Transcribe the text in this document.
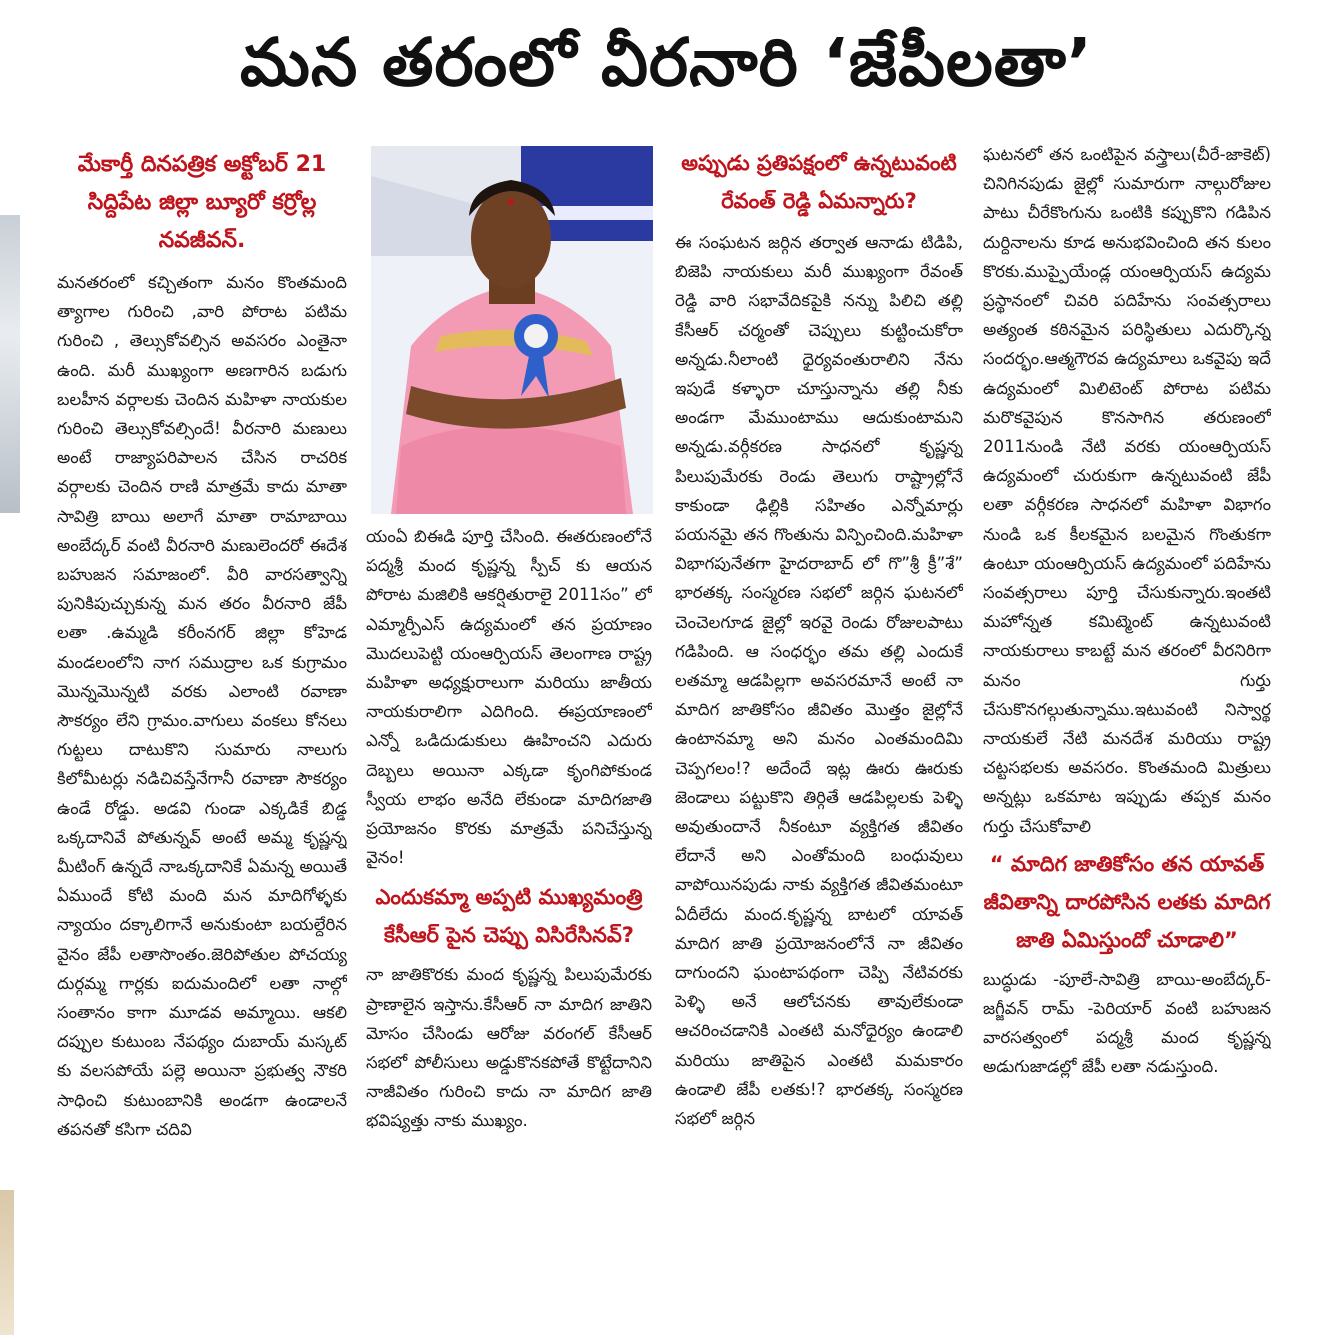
మన తరంలో వీరనారి ‘జేపీలతా’
మేకార్తీ దినపత్రిక అక్టోబర్ 21 సిద్దిపేట జిల్లా బ్యూరో కర్రోల్ల నవజీవన్.

మనతరంలో కచ్చితంగా మనం కొంతమంది త్యాగాల గురించి ,వారి పోరాట పటిమ గురించి , తెల్సుకోవల్సిన అవసరం ఎంతైనా ఉంది. మరీ ముఖ్యంగా అణగారిన బడుగు బలహీన వర్గాలకు చెందిన మహిళా నాయకుల గురించి తెల్సుకోవల్సిందే! వీరనారి మణులు అంటే రాజ్యాపరిపాలన చేసిన రాచరిక వర్గాలకు చెందిన రాణి మాత్రమే కాదు మాతా సావిత్రి బాయి అలాగే మాతా రామాబాయి అంబేద్కర్ వంటి వీరనారి మణులెందరో ఈదేశ బహుజన సమాజంలో. వీరి వారసత్వాన్ని పునికిపుచ్చుకున్న మన తరం వీరనారి జేపీ లతా .ఉమ్మడి కరీంనగర్ జిల్లా కోహెడ మండలంలోని నాగ సముద్రాల ఒక కుగ్రామం మొన్నమొన్నటి వరకు ఎలాంటి రవాణా సౌకర్యం లేని గ్రామం.వాగులు వంకలు కోనలు గుట్టలు దాటుకొని సుమారు నాలుగు కిలోమీటర్లు నడిచివస్తేనేగానీ రవాణా సౌకర్యం ఉండే రోడ్డు. అడవి గుండా ఎక్కడికే బిడ్డ ఒక్కదానివే పోతున్నవ్ అంటే అమ్మ కృష్ణన్న మీటింగ్ ఉన్నదే నాఒక్కదానికే ఏమన్న అయితే ఏముందే కోటి మంది మన మాదిగోళ్ళకు న్యాయం దక్కాలిగానే అనుకుంటా బయల్దేరిన వైనం జేపీ లతాసొంతం.జెరిపోతుల పోచయ్య దుర్గమ్మ గార్లకు ఐదుమందిలో లతా నాల్గో సంతానం కాగా మూడవ అమ్మాయి. ఆకలి దప్పుల కుటుంబ నేపథ్యం దుబాయ్ మస్కట్ కు వలసపోయే పల్లె అయినా ప్రభుత్వ నౌకరి సాధించి కుటుంబానికి అండగా ఉండాలనే తపనతో కసిగా చదివి

యంఏ బిఈడి పూర్తి చేసింది. ఈతరుణంలోనే పద్మశ్రీ మంద కృష్ణన్న స్పీచ్ కు ఆయన పోరాట మజిలికి ఆకర్షితురాలై 2011సం” లో ఎమ్మార్పీఎస్ ఉద్యమంలో తన ప్రయాణం మొదలుపెట్టి యంఆర్పియస్ తెలంగాణ రాష్ట్ర మహిళా అధ్యక్షురాలుగా మరియు జాతీయ నాయకురాలిగా ఎదిగింది. ఈప్రయాణంలో ఎన్నో ఒడిదుడుకులు ఊహించని ఎదురు దెబ్బలు అయినా ఎక్కడా కృంగిపోకుండ స్వీయ లాభం అనేది లేకుండా మాదిగజాతి ప్రయోజనం కొరకు మాత్రమే పనిచేస్తున్న వైనం!

ఎందుకమ్మా అప్పటి ముఖ్యమంత్రి కేసీఆర్ పైన చెప్పు విసిరేసినవ్?

నా జాతికొరకు మంద కృష్ణన్న పిలుపుమేరకు ప్రాణాలైన ఇస్తాను.కేసీఆర్ నా మాదిగ జాతిని మోసం చేసిండు ఆరోజు వరంగల్ కేసీఆర్ సభలో పోలీసులు అడ్డుకొనకపోతే కొట్టేదానిని నాజీవితం గురించి కాదు నా మాదిగ జాతి భవిష్యత్తు నాకు ముఖ్యం.

అప్పుడు ప్రతిపక్షంలో ఉన్నటువంటి రేవంత్ రెడ్డి ఏమన్నారు?

ఈ సంఘటన జర్గిన తర్వాత ఆనాడు టిడిపి, బిజెపి నాయకులు మరీ ముఖ్యంగా రేవంత్ రెడ్డి వారి సభావేదికపైకి నన్ను పిలిచి తల్లి కేసీఆర్ చర్మంతో చెప్పులు కుట్టించుకోరా అన్నడు.నీలాంటి ధైర్యవంతురాలిని నేను ఇపుడే కళ్ళారా చూస్తున్నాను తల్లి నీకు అండగా మేముంటాము ఆదుకుంటామని అన్నడు.వర్గీకరణ సాధనలో కృష్ణన్న పిలుపుమేరకు రెండు తెలుగు రాష్ట్రాల్లోనే కాకుండా ఢిల్లికి సహితం ఎన్నోమార్లు పయనమై తన గొంతును విన్పించింది.మహిళా విభాగపునేతగా హైదరాబాద్ లో గొ”శ్రీ క్రీ”శే” భారతక్క సంస్మరణ సభలో జర్గిన ఘటనలో చెంచెలగూడ జైల్లో ఇరవై రెండు రోజులపాటు గడిపింది. ఆ సంధర్భం తమ తల్లి ఎందుకే లతమ్మా ఆడపిల్లగా అవసరమానే అంటే నా మాదిగ జాతికోసం జీవితం మొత్తం జైల్లోనే ఉంటానమ్మా అని మనం ఎంతమందిమి చెప్పగలం!? అదేందే ఇట్ల ఊరు ఊరుకు జెండాలు పట్టుకొని తిర్గితే ఆడపిల్లలకు పెళ్ళి అవుతుందానే నీకంటూ వ్యక్తిగత జీవితం లేదానే అని ఎంతోమంది బంధువులు వాపోయినపుడు నాకు వ్యక్తిగత జీవితమంటూ ఏదీలేదు మంద.కృష్ణన్న బాటలో యావత్ మాదిగ జాతి ప్రయోజనంలోనే నా జీవితం దాగుందని ఘంటాపథంగా చెప్పి నేటివరకు పెళ్ళి అనే ఆలోచనకు తావులేకుండా ఆచరించడానికి ఎంతటి మనోధైర్యం ఉండాలి మరియు జాతిపైన ఎంతటి మమకారం ఉండాలి జేపీ లతకు!? భారతక్క సంస్మరణ సభలో జర్గిన

ఘటనలో తన ఒంటిపైన వస్త్రాలు(చీరే-జాకెట్) చినిగినపుడు జైల్లో సుమారుగా నాల్గురోజుల పాటు చీరేకొంగును ఒంటికి కప్పుకొని గడిపిన దుర్దినాలను కూడ అనుభవించింది తన కులం కొరకు.ముప్పైయేండ్ల యంఆర్పియస్ ఉద్యమ ప్రస్థానంలో చివరి పదిహేను సంవత్సరాలు అత్యంత కఠినమైన పరిస్థితులు ఎదుర్కొన్న సందర్భం.ఆత్మగౌరవ ఉద్యమాలు ఒకవైపు ఇదే ఉద్యమంలో మిలిటెంట్ పోరాట పటిమ మరొకవైపున కొనసాగిన తరుణంలో 2011నుండి నేటి వరకు యంఆర్పియస్ ఉద్యమంలో చురుకుగా ఉన్నటువంటి జేపీ లతా వర్గీకరణ సాధనలో మహిళా విభాగం నుండి ఒక కీలకమైన బలమైన గొంతుకగా ఉంటూ యంఆర్పియస్ ఉద్యమంలో పదిహేను సంవత్సరాలు పూర్తి చేసుకున్నారు.ఇంతటి మహోన్నత కమిట్మెంట్ ఉన్నటువంటి నాయకురాలు కాబట్టే మన తరంలో వీరనిరిగా మనం గుర్తు చేసుకొనగల్గుతున్నాము.ఇటువంటి నిస్వార్థ నాయకులే నేటి మనదేశ మరియు రాష్ట్ర చట్టసభలకు అవసరం. కొంతమంది మిత్రులు అన్నట్లు ఒకమాట ఇప్పుడు తప్పక మనం గుర్తు చేసుకోవాలి

“ మాదిగ జాతికోసం తన యావత్ జీవితాన్ని దారపోసిన లతకు మాదిగ జాతి ఏమిస్తుందో చూడాలి”

బుద్ధుడు -పూలే-సావిత్రి బాయి-అంబేద్కర్-జగ్జీవన్ రామ్ -పెరియార్ వంటి బహుజన వారసత్వంలో పద్మశ్రీ మంద కృష్ణన్న అడుగుజాడల్లో జేపీ లతా నడుస్తుంది.
